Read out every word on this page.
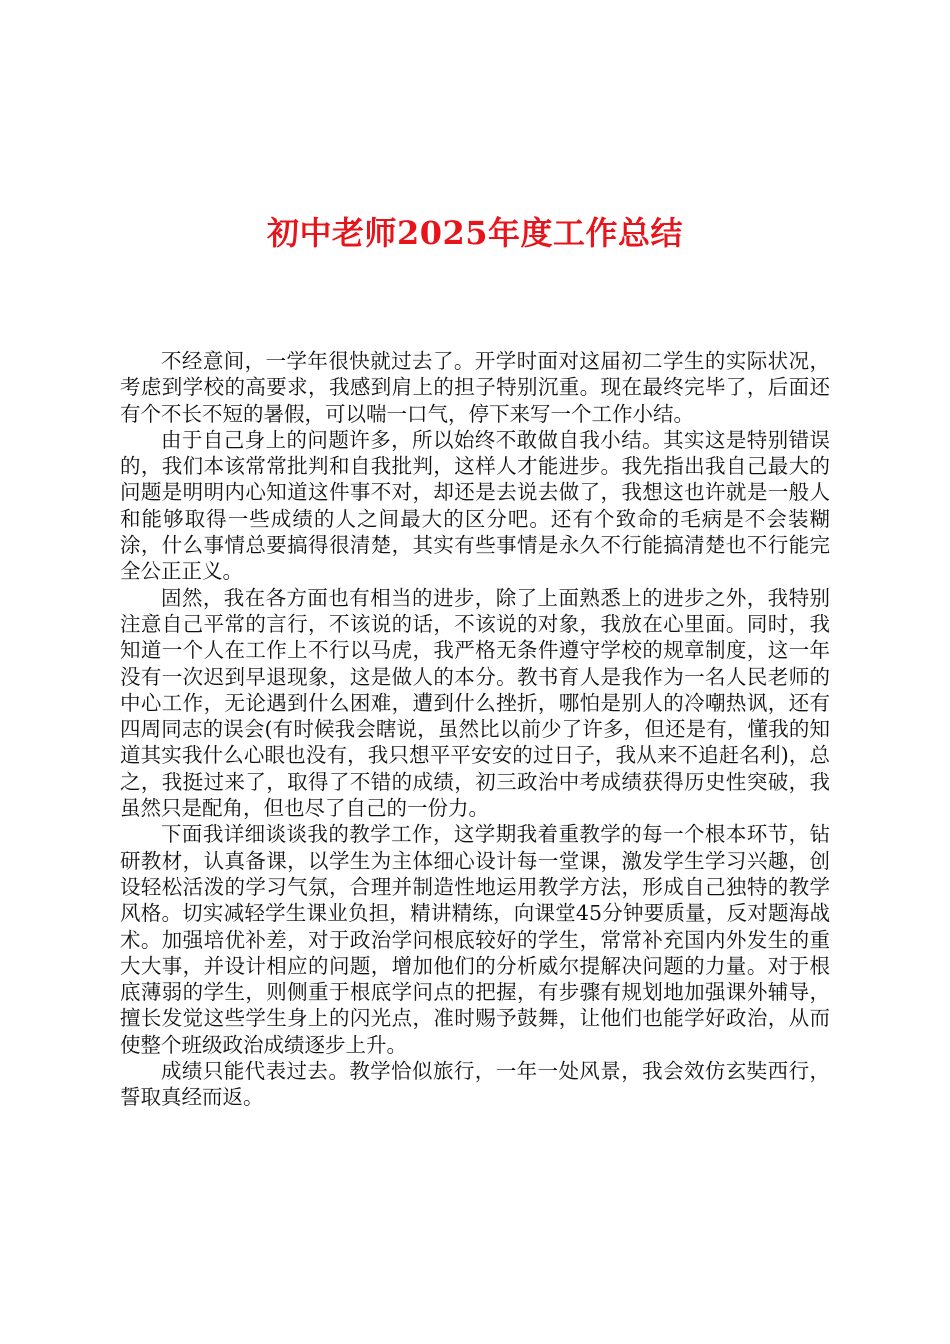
初中老师2025年度工作总结

不经意间，一学年很快就过去了。开学时面对这届初二学生的实际状况，考虑到学校的高要求，我感到肩上的担子特别沉重。现在最终完毕了，后面还有个不长不短的暑假，可以喘一口气，停下来写一个工作小结。

由于自己身上的问题许多，所以始终不敢做自我小结。其实这是特别错误的，我们本该常常批判和自我批判，这样人才能进步。我先指出我自己最大的问题是明明内心知道这件事不对，却还是去说去做了，我想这也许就是一般人和能够取得一些成绩的人之间最大的区分吧。还有个致命的毛病是不会装糊涂，什么事情总要搞得很清楚，其实有些事情是永久不行能搞清楚也不行能完全公正正义。

固然，我在各方面也有相当的进步，除了上面熟悉上的进步之外，我特别注意自己平常的言行，不该说的话，不该说的对象，我放在心里面。同时，我知道一个人在工作上不行以马虎，我严格无条件遵守学校的规章制度，这一年没有一次迟到早退现象，这是做人的本分。教书育人是我作为一名人民老师的中心工作，无论遇到什么困难，遭到什么挫折，哪怕是别人的冷嘲热讽，还有四周同志的误会(有时候我会瞎说，虽然比以前少了许多，但还是有，懂我的知道其实我什么心眼也没有，我只想平平安安的过日子，我从来不追赶名利)，总之，我挺过来了，取得了不错的成绩，初三政治中考成绩获得历史性突破，我虽然只是配角，但也尽了自己的一份力。

下面我详细谈谈我的教学工作，这学期我着重教学的每一个根本环节，钻研教材，认真备课，以学生为主体细心设计每一堂课，激发学生学习兴趣，创设轻松活泼的学习气氛，合理并制造性地运用教学方法，形成自己独特的教学风格。切实减轻学生课业负担，精讲精练，向课堂45分钟要质量，反对题海战术。加强培优补差，对于政治学问根底较好的学生，常常补充国内外发生的重大大事，并设计相应的问题，增加他们的分析威尔提解决问题的力量。对于根底薄弱的学生，则侧重于根底学问点的把握，有步骤有规划地加强课外辅导，擅长发觉这些学生身上的闪光点，准时赐予鼓舞，让他们也能学好政治，从而使整个班级政治成绩逐步上升。

成绩只能代表过去。教学恰似旅行，一年一处风景，我会效仿玄奘西行，誓取真经而返。
